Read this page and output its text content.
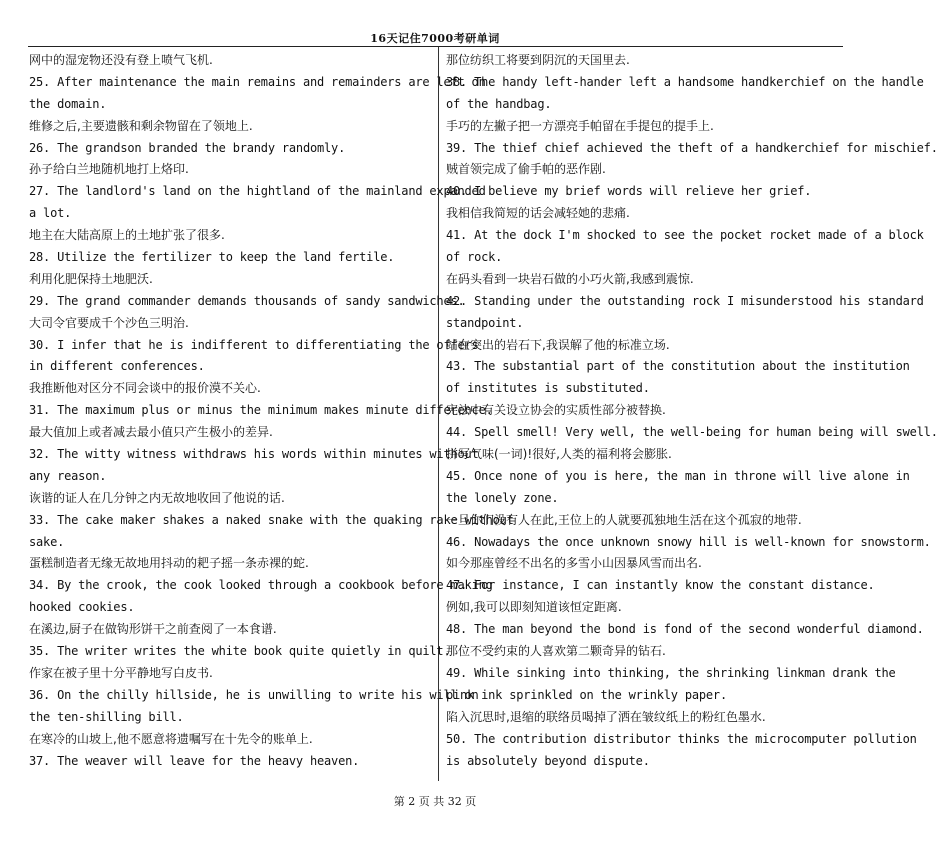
16天记住7000考研单词
网中的湿宠物还没有登上喷气飞机.
25. After maintenance the main remains and remainders are left on
the domain.
维修之后,主要遗骸和剩余物留在了领地上.
26. The grandson branded the brandy randomly.
孙子给白兰地随机地打上烙印.
27. The landlord's land on the hightland of the mainland expanded
a lot.
地主在大陆高原上的土地扩张了很多.
28. Utilize the fertilizer to keep the land fertile.
利用化肥保持土地肥沃.
29. The grand commander demands thousands of sandy sandwiches.
大司令官要成千个沙色三明治.
30. I infer that he is indifferent to differentiating the offers
in different conferences.
我推断他对区分不同会谈中的报价漠不关心.
31. The maximum plus or minus the minimum makes minute difference.
最大值加上或者减去最小值只产生极小的差异.
32. The witty witness withdraws his words within minutes without
any reason.
诙谐的证人在几分钟之内无故地收回了他说的话.
33. The cake maker shakes a naked snake with the quaking rake without
sake.
蛋糕制造者无缘无故地用抖动的耙子摇一条赤裸的蛇.
34. By the crook, the cook looked through a cookbook before making
hooked cookies.
在溪边,厨子在做钩形饼干之前查阅了一本食谱.
35. The writer writes the white book quite quietly in quilt.
作家在被子里十分平静地写白皮书.
36. On the chilly hillside, he is unwilling to write his will on
the ten-shilling bill.
在寒冷的山坡上,他不愿意将遗嘱写在十先令的账单上.
37. The weaver will leave for the heavy heaven.
那位纺织工将要到阴沉的天国里去.
38. The handy left-hander left a handsome handkerchief on the handle
of the handbag.
手巧的左撇子把一方漂亮手帕留在手提包的提手上.
39. The thief chief achieved the theft of a handkerchief for mischief.
贼首领完成了偷手帕的恶作剧.
40. I believe my brief words will relieve her grief.
我相信我简短的话会减轻她的悲痛.
41. At the dock I'm shocked to see the pocket rocket made of a block
of rock.
在码头看到一块岩石做的小巧火箭,我感到震惊.
42. Standing under the outstanding rock I misunderstood his standard
standpoint.
站在突出的岩石下,我误解了他的标准立场.
43. The substantial part of the constitution about the institution
of institutes is substituted.
宪法中有关设立协会的实质性部分被替换.
44. Spell smell! Very well, the well-being for human being will swell.
拼写气味(一词)!很好,人类的福利将会膨胀.
45. Once none of you is here, the man in throne will live alone in
the lonely zone.
一旦你们没有人在此,王位上的人就要孤独地生活在这个孤寂的地带.
46. Nowadays the once unknown snowy hill is well-known for snowstorm.
如今那座曾经不出名的多雪小山因暴风雪而出名.
47. For instance, I can instantly know the constant distance.
例如,我可以即刻知道该恒定距离.
48. The man beyond the bond is fond of the second wonderful diamond.
那位不受约束的人喜欢第二颗奇异的钻石.
49. While sinking into thinking, the shrinking linkman drank the
pink ink sprinkled on the wrinkly paper.
陷入沉思时,退缩的联络员喝掉了洒在皱纹纸上的粉红色墨水.
50. The contribution distributor thinks the microcomputer pollution
is absolutely beyond dispute.
第 2 页 共 32 页
